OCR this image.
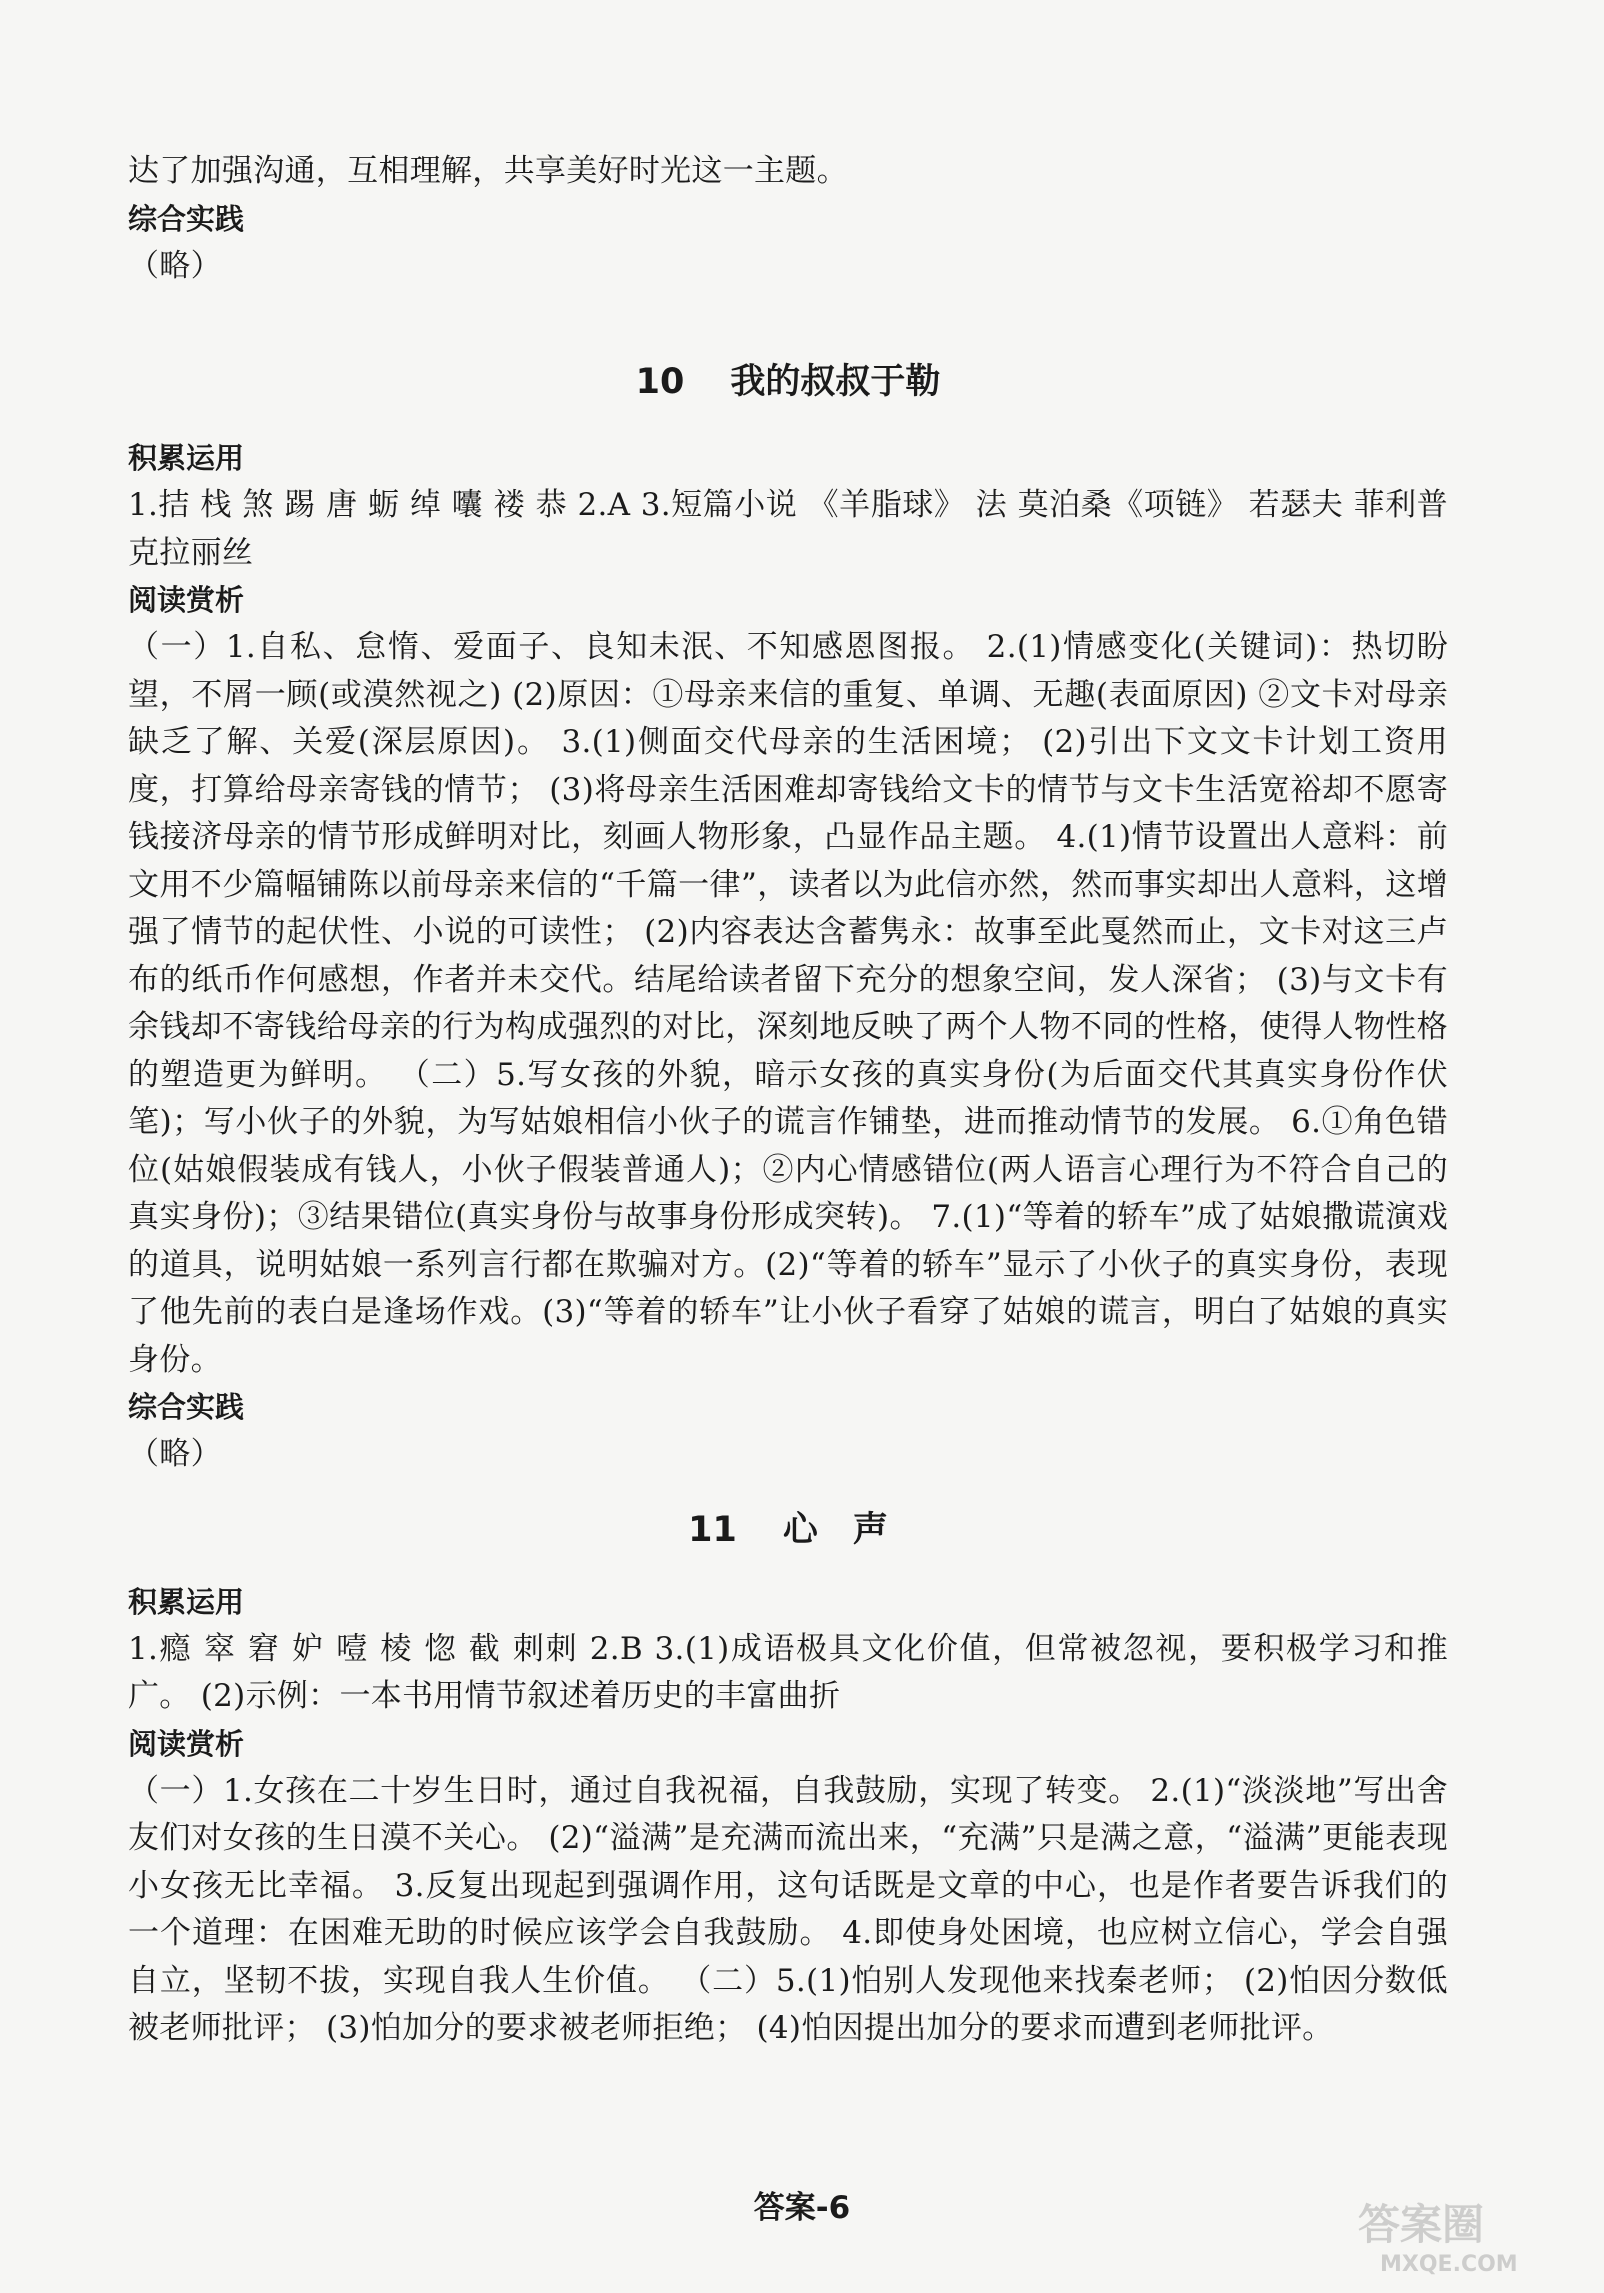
达了加强沟通，互相理解，共享美好时光这一主题。

综合实践

（略）

10 我的叔叔于勒

积累运用

1.拮 栈 煞 踢 唐 蛎 绰 囔 褛 恭 2.A 3.短篇小说 《羊脂球》 法 莫泊桑《项链》 若瑟夫 菲利普 克拉丽丝

阅读赏析

（一）1.自私、怠惰、爱面子、良知未泯、不知感恩图报。 2.(1)情感变化(关键词)：热切盼望，不屑一顾(或漠然视之) (2)原因：①母亲来信的重复、单调、无趣(表面原因) ②文卡对母亲缺乏了解、关爱(深层原因)。 3.(1)侧面交代母亲的生活困境； (2)引出下文文卡计划工资用度，打算给母亲寄钱的情节； (3)将母亲生活困难却寄钱给文卡的情节与文卡生活宽裕却不愿寄钱接济母亲的情节形成鲜明对比，刻画人物形象，凸显作品主题。 4.(1)情节设置出人意料：前文用不少篇幅铺陈以前母亲来信的“千篇一律”，读者以为此信亦然，然而事实却出人意料，这增强了情节的起伏性、小说的可读性； (2)内容表达含蓄隽永：故事至此戛然而止，文卡对这三卢布的纸币作何感想，作者并未交代。结尾给读者留下充分的想象空间，发人深省； (3)与文卡有余钱却不寄钱给母亲的行为构成强烈的对比，深刻地反映了两个人物不同的性格，使得人物性格的塑造更为鲜明。 （二）5.写女孩的外貌，暗示女孩的真实身份(为后面交代其真实身份作伏笔)；写小伙子的外貌，为写姑娘相信小伙子的谎言作铺垫，进而推动情节的发展。 6.①角色错位(姑娘假装成有钱人，小伙子假装普通人)；②内心情感错位(两人语言心理行为不符合自己的真实身份)；③结果错位(真实身份与故事身份形成突转)。 7.(1)“等着的轿车”成了姑娘撒谎演戏的道具，说明姑娘一系列言行都在欺骗对方。(2)“等着的轿车”显示了小伙子的真实身份，表现了他先前的表白是逢场作戏。(3)“等着的轿车”让小伙子看穿了姑娘的谎言，明白了姑娘的真实身份。

综合实践

（略）

11 心　声

积累运用

1.瘾 窣 窘 妒 噎 棱 惚 截 刺刺 2.B 3.(1)成语极具文化价值，但常被忽视，要积极学习和推广。 (2)示例：一本书用情节叙述着历史的丰富曲折

阅读赏析

（一）1.女孩在二十岁生日时，通过自我祝福，自我鼓励，实现了转变。 2.(1)“淡淡地”写出舍友们对女孩的生日漠不关心。 (2)“溢满”是充满而流出来，“充满”只是满之意，“溢满”更能表现小女孩无比幸福。 3.反复出现起到强调作用，这句话既是文章的中心，也是作者要告诉我们的一个道理：在困难无助的时候应该学会自我鼓励。 4.即使身处困境，也应树立信心，学会自强自立，坚韧不拔，实现自我人生价值。 （二）5.(1)怕别人发现他来找秦老师； (2)怕因分数低被老师批评； (3)怕加分的要求被老师拒绝； (4)怕因提出加分的要求而遭到老师批评。

答案-6	答案圈
MXQE.COM
